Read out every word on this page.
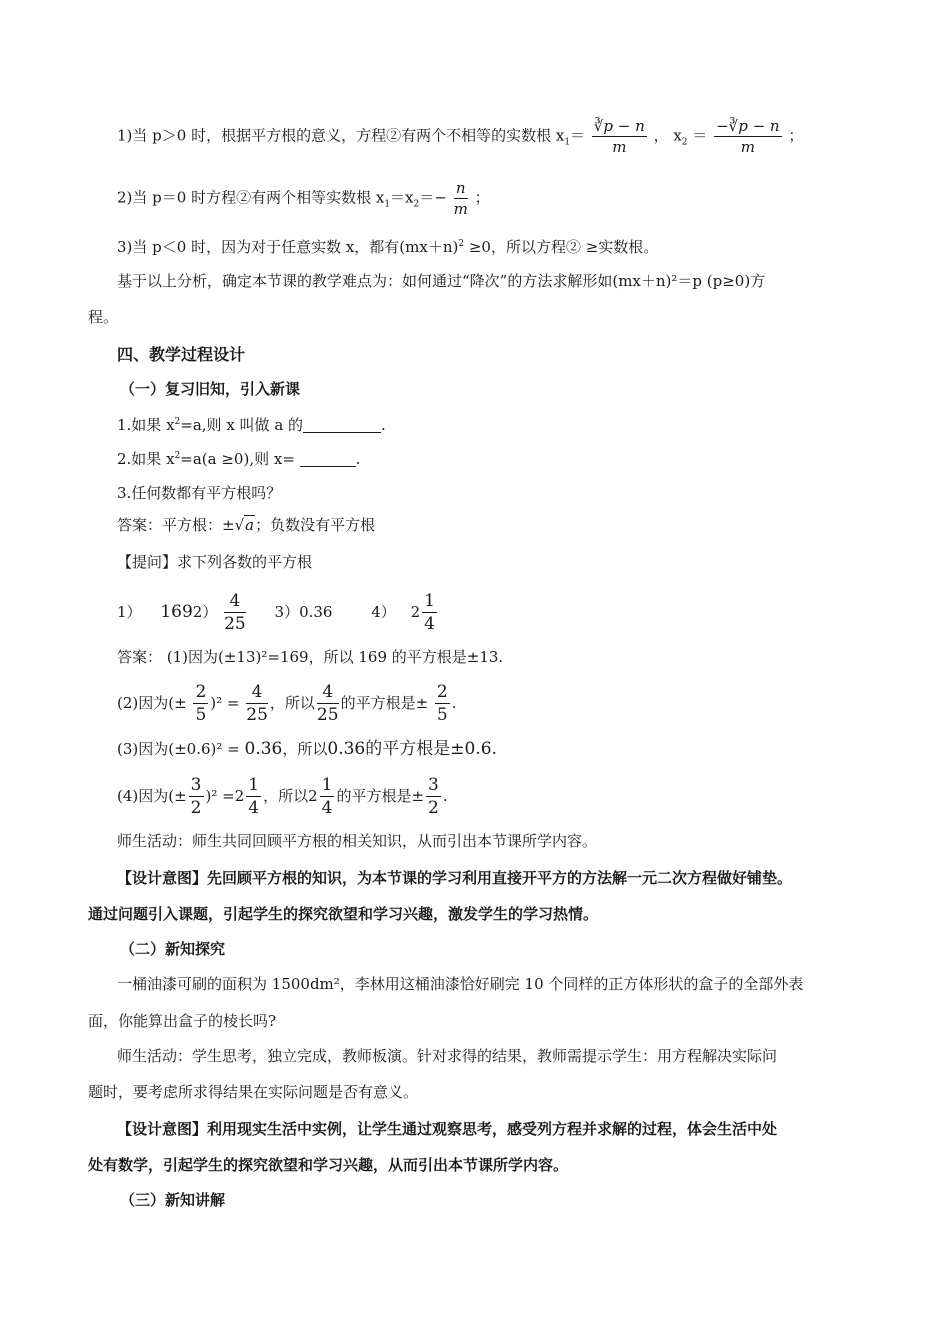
1)当 p＞0 时，根据平方根的意义，方程②有两个不相等的实数根 $x_1= \frac{∛p - n}{m}$ ， $x_2 = \frac{-∛p - n}{m}$ ；
2)当 p＝0 时方程②有两个相等实数根 $x_1=x_2=- \frac{n}{m}$ ；
3)当 p＜0 时，因为对于任意实数 x，都有$(mx+n)^2 \ge 0$，所以方程② ≥实数根。
基于以上分析，确定本节课的教学难点为：如何通过“降次”的方法求解形如(mx＋n)²＝p (p≥0)方
程。
四、教学过程设计
（一）复习旧知，引入新课
1.如果 $x^2=a$,则 x 叫做 a 的	.
2.如果 $x^2=a(a \ge 0)$,则 x=	.
3.任何数都有平方根吗？
答案：平方根：±√a；负数没有平方根
【提问】求下列各数的平方根
1） $1692) \frac{4}{25} 3)0.36$	4） $2 \frac{1}{4}$
答案： (1)因为(±13)²=169，所以 169 的平方根是±13.
(2)因为(± $\frac{2}{5} )^2 = \frac{4}{25}$ ，所以 $\frac{4}{25}$ 的平方根是± $\frac{2}{5}$ .
(3)因为(±0.6)² = 0.36，所以0.36的平方根是±0.6.
(4)因为(± $\frac{3}{2} )^2 =2 \frac{1}{4}$ ，所以$2 \frac{1}{4}$ 的平方根是± $\frac{3}{2}$ .
师生活动：师生共同回顾平方根的相关知识，从而引出本节课所学内容。
【设计意图】先回顾平方根的知识，为本节课的学习利用直接开平方的方法解一元二次方程做好铺垫。
通过问题引入课题，引起学生的探究欲望和学习兴趣，激发学生的学习热情。
（二）新知探究
一桶油漆可刷的面积为 1500dm²，李林用这桶油漆恰好刷完 10 个同样的正方体形状的盒子的全部外表
面，你能算出盒子的棱长吗?
师生活动：学生思考，独立完成，教师板演。针对求得的结果，教师需提示学生：用方程解决实际问
题时，要考虑所求得结果在实际问题是否有意义。
【设计意图】利用现实生活中实例，让学生通过观察思考，感受列方程并求解的过程，体会生活中处
处有数学，引起学生的探究欲望和学习兴趣，从而引出本节课所学内容。
（三）新知讲解
